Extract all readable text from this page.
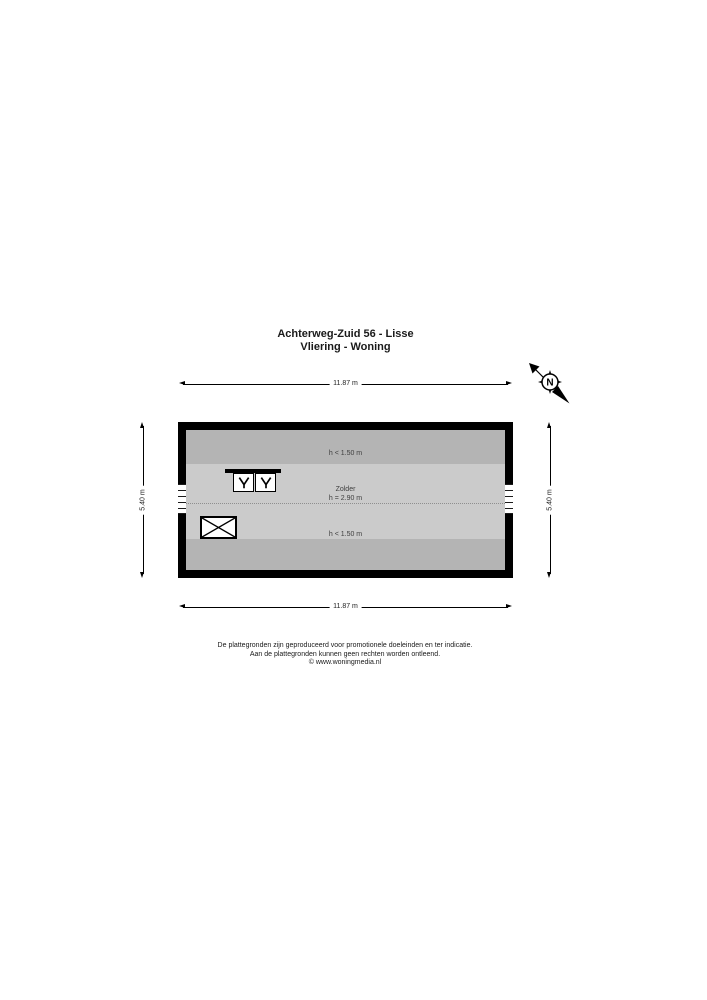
Achterweg-Zuid 56 - Lisse
Vliering - Woning
N
11.87 m
11.87 m
5.40 m	5.40 m
h < 1.50 m
Zolder
h = 2.90 m
h < 1.50 m
De plattegronden zijn geproduceerd voor promotionele doeleinden en ter indicatie.
Aan de plattegronden kunnen geen rechten worden ontleend.
© www.woningmedia.nl
